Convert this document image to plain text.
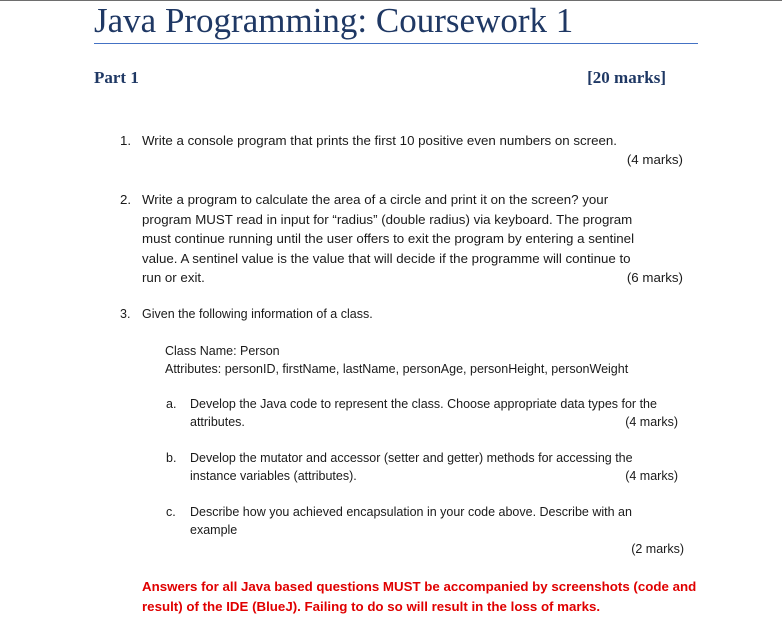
Java Programming: Coursework 1
Part 1	[20 marks]
1. Write a console program that prints the first 10 positive even numbers on screen.
(4 marks)
2. Write a program to calculate the area of a circle and print it on the screen? your
program MUST read in input for “radius” (double radius) via keyboard. The program
must continue running until the user offers to exit the program by entering a sentinel
value. A sentinel value is the value that will decide if the programme will continue to
run or exit.	(6 marks)
3. Given the following information of a class.
Class Name: Person
Attributes: personID, firstName, lastName, personAge, personHeight, personWeight
a. Develop the Java code to represent the class. Choose appropriate data types for the
attributes.	(4 marks)
b. Develop the mutator and accessor (setter and getter) methods for accessing the
instance variables (attributes).	(4 marks)
c. Describe how you achieved encapsulation in your code above. Describe with an
example
(2 marks)

Answers for all Java based questions MUST be accompanied by screenshots (code and result) of the IDE (BlueJ). Failing to do so will result in the loss of marks.
